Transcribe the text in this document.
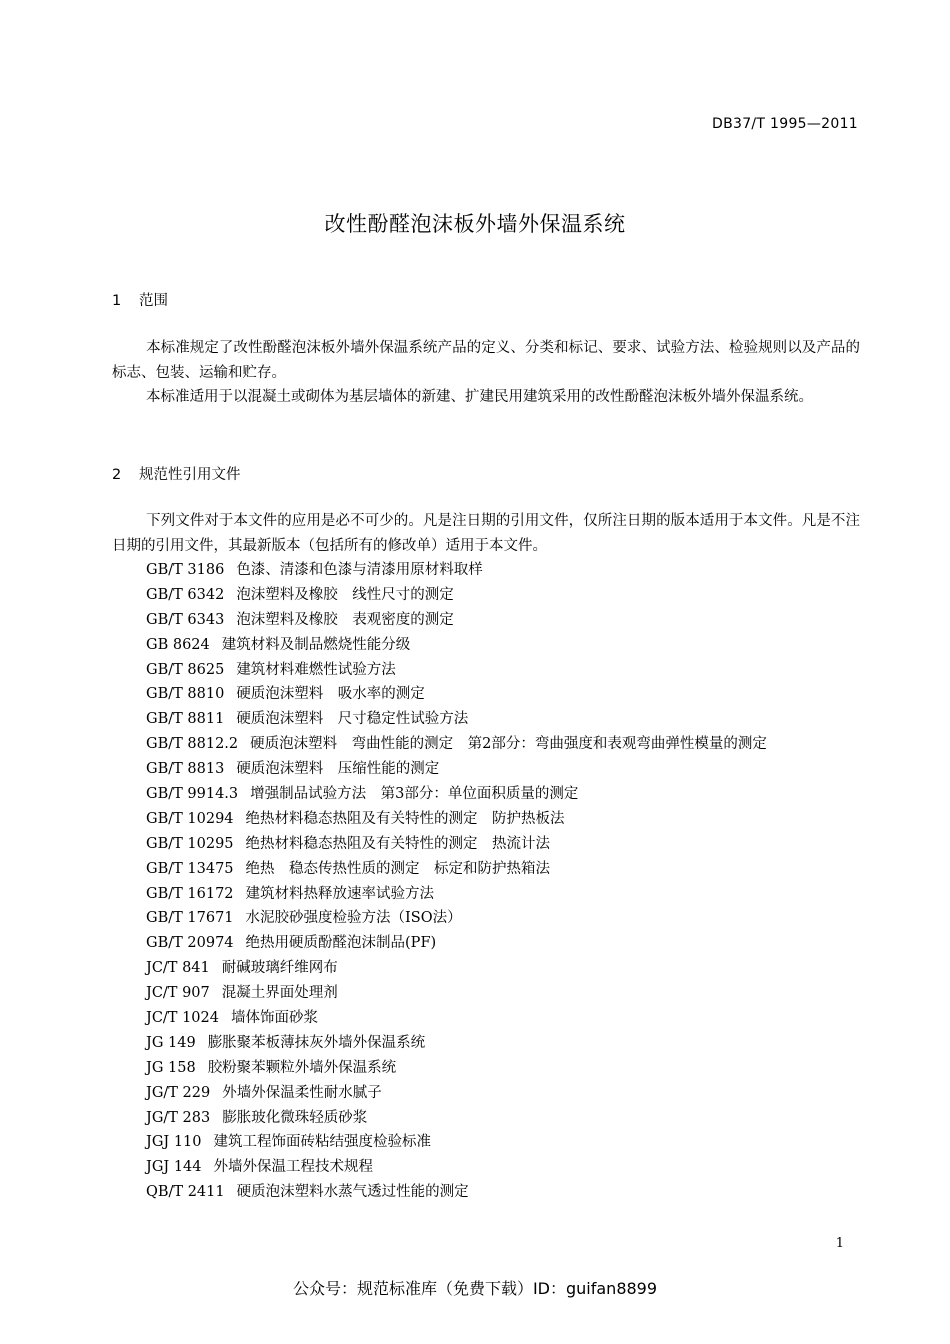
DB37/T 1995—2011
改性酚醛泡沫板外墙外保温系统
1 范围
本标准规定了改性酚醛泡沫板外墙外保温系统产品的定义、分类和标记、要求、试验方法、检验规则以及产品的标志、包装、运输和贮存。
本标准适用于以混凝土或砌体为基层墙体的新建、扩建民用建筑采用的改性酚醛泡沫板外墙外保温系统。
2 规范性引用文件
下列文件对于本文件的应用是必不可少的。凡是注日期的引用文件，仅所注日期的版本适用于本文件。凡是不注日期的引用文件，其最新版本（包括所有的修改单）适用于本文件。
GB/T 3186 色漆、清漆和色漆与清漆用原材料取样
GB/T 6342 泡沫塑料及橡胶　线性尺寸的测定
GB/T 6343 泡沫塑料及橡胶　表观密度的测定
GB 8624 建筑材料及制品燃烧性能分级
GB/T 8625 建筑材料难燃性试验方法
GB/T 8810 硬质泡沫塑料　吸水率的测定
GB/T 8811 硬质泡沫塑料　尺寸稳定性试验方法
GB/T 8812.2 硬质泡沫塑料　弯曲性能的测定　第2部分：弯曲强度和表观弯曲弹性模量的测定
GB/T 8813 硬质泡沫塑料　压缩性能的测定
GB/T 9914.3 增强制品试验方法　第3部分：单位面积质量的测定
GB/T 10294 绝热材料稳态热阻及有关特性的测定　防护热板法
GB/T 10295 绝热材料稳态热阻及有关特性的测定　热流计法
GB/T 13475 绝热　稳态传热性质的测定　标定和防护热箱法
GB/T 16172 建筑材料热释放速率试验方法
GB/T 17671 水泥胶砂强度检验方法（ISO法）
GB/T 20974 绝热用硬质酚醛泡沫制品(PF)
JC/T 841 耐碱玻璃纤维网布
JC/T 907 混凝土界面处理剂
JC/T 1024 墙体饰面砂浆
JG 149 膨胀聚苯板薄抹灰外墙外保温系统
JG 158 胶粉聚苯颗粒外墙外保温系统
JG/T 229 外墙外保温柔性耐水腻子
JG/T 283 膨胀玻化微珠轻质砂浆
JGJ 110 建筑工程饰面砖粘结强度检验标准
JGJ 144 外墙外保温工程技术规程
QB/T 2411 硬质泡沫塑料水蒸气透过性能的测定
1
公众号：规范标准库（免费下载）ID：guifan8899
